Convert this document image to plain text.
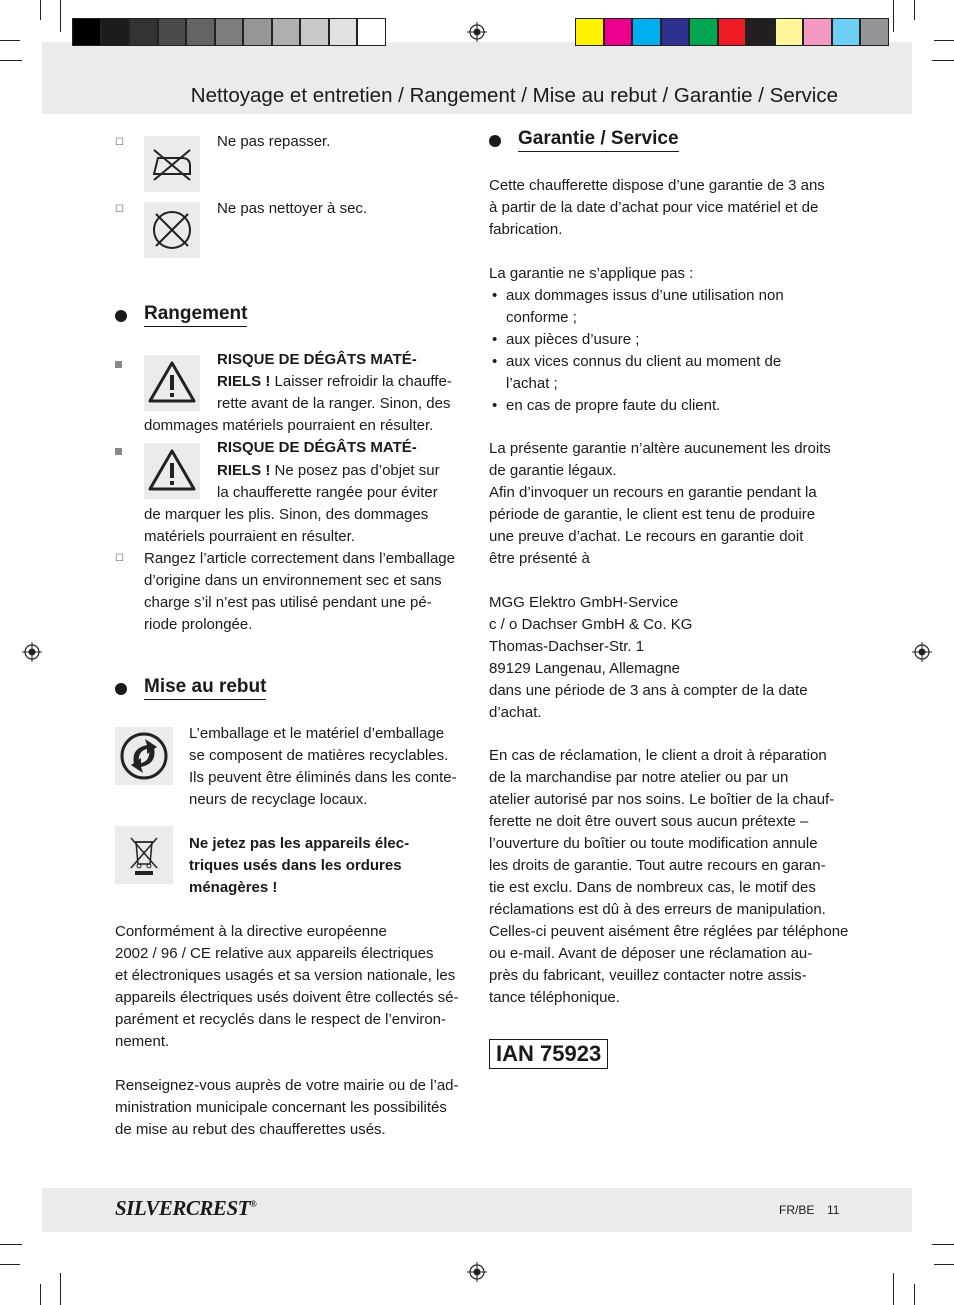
Nettoyage et entretien / Rangement / Mise au rebut / Garantie / Service
☐	Ne pas repasser.
☐	Ne pas nettoyer à sec.
Rangement
RISQUE DE DÉGÂTS MATÉ-
RIELS ! Laisser refroidir la chauffe-
rette avant de la ranger. Sinon, des
dommages matériels pourraient en résulter.
RISQUE DE DÉGÂTS MATÉ-
RIELS ! Ne posez pas d’objet sur
la chaufferette rangée pour éviter
de marquer les plis. Sinon, des dommages
matériels pourraient en résulter.
☐ Rangez l’article correctement dans l’emballage

d’origine dans un environnement sec et sans

charge s’il n’est pas utilisé pendant une pé-

riode prolongée.

Mise au rebut

L’emballage et le matériel d’emballage

se composent de matières recyclables.

Ils peuvent être éliminés dans les conte-

neurs de recyclage locaux.

Ne jetez pas les appareils élec-

triques usés dans les ordures

ménagères !

Conformément à la directive européenne

2002 / 96 / CE relative aux appareils électriques

et électroniques usagés et sa version nationale, les

appareils électriques usés doivent être collectés sé-

parément et recyclés dans le respect de l’environ-

nement.

Renseignez-vous auprès de votre mairie ou de l’ad-

ministration municipale concernant les possibilités

de mise au rebut des chaufferettes usés.

Garantie / Service

Cette chaufferette dispose d’une garantie de 3 ans

à partir de la date d’achat pour vice matériel et de

fabrication.

La garantie ne s’applique pas :

• aux dommages issus d’une utilisation non

conforme ;

• aux pièces d’usure ;

• aux vices connus du client au moment de

l’achat ;

• en cas de propre faute du client.

La présente garantie n’altère aucunement les droits

de garantie légaux.

Afin d’invoquer un recours en garantie pendant la

période de garantie, le client est tenu de produire

une preuve d’achat. Le recours en garantie doit

être présenté à

MGG Elektro GmbH-Service

c / o Dachser GmbH & Co. KG

Thomas-Dachser-Str. 1

89129 Langenau, Allemagne

dans une période de 3 ans à compter de la date

d’achat.

En cas de réclamation, le client a droit à réparation

de la marchandise par notre atelier ou par un

atelier autorisé par nos soins. Le boîtier de la chauf-

ferette ne doit être ouvert sous aucun prétexte –

l’ouverture du boîtier ou toute modification annule

les droits de garantie. Tout autre recours en garan-

tie est exclu. Dans de nombreux cas, le motif des

réclamations est dû à des erreurs de manipulation.

Celles-ci peuvent aisément être réglées par téléphone

ou e-mail. Avant de déposer une réclamation au-

près du fabricant, veuillez contacter notre assis-

tance téléphonique.

IAN 75923
SILVERCREST®	FR/BE 11
